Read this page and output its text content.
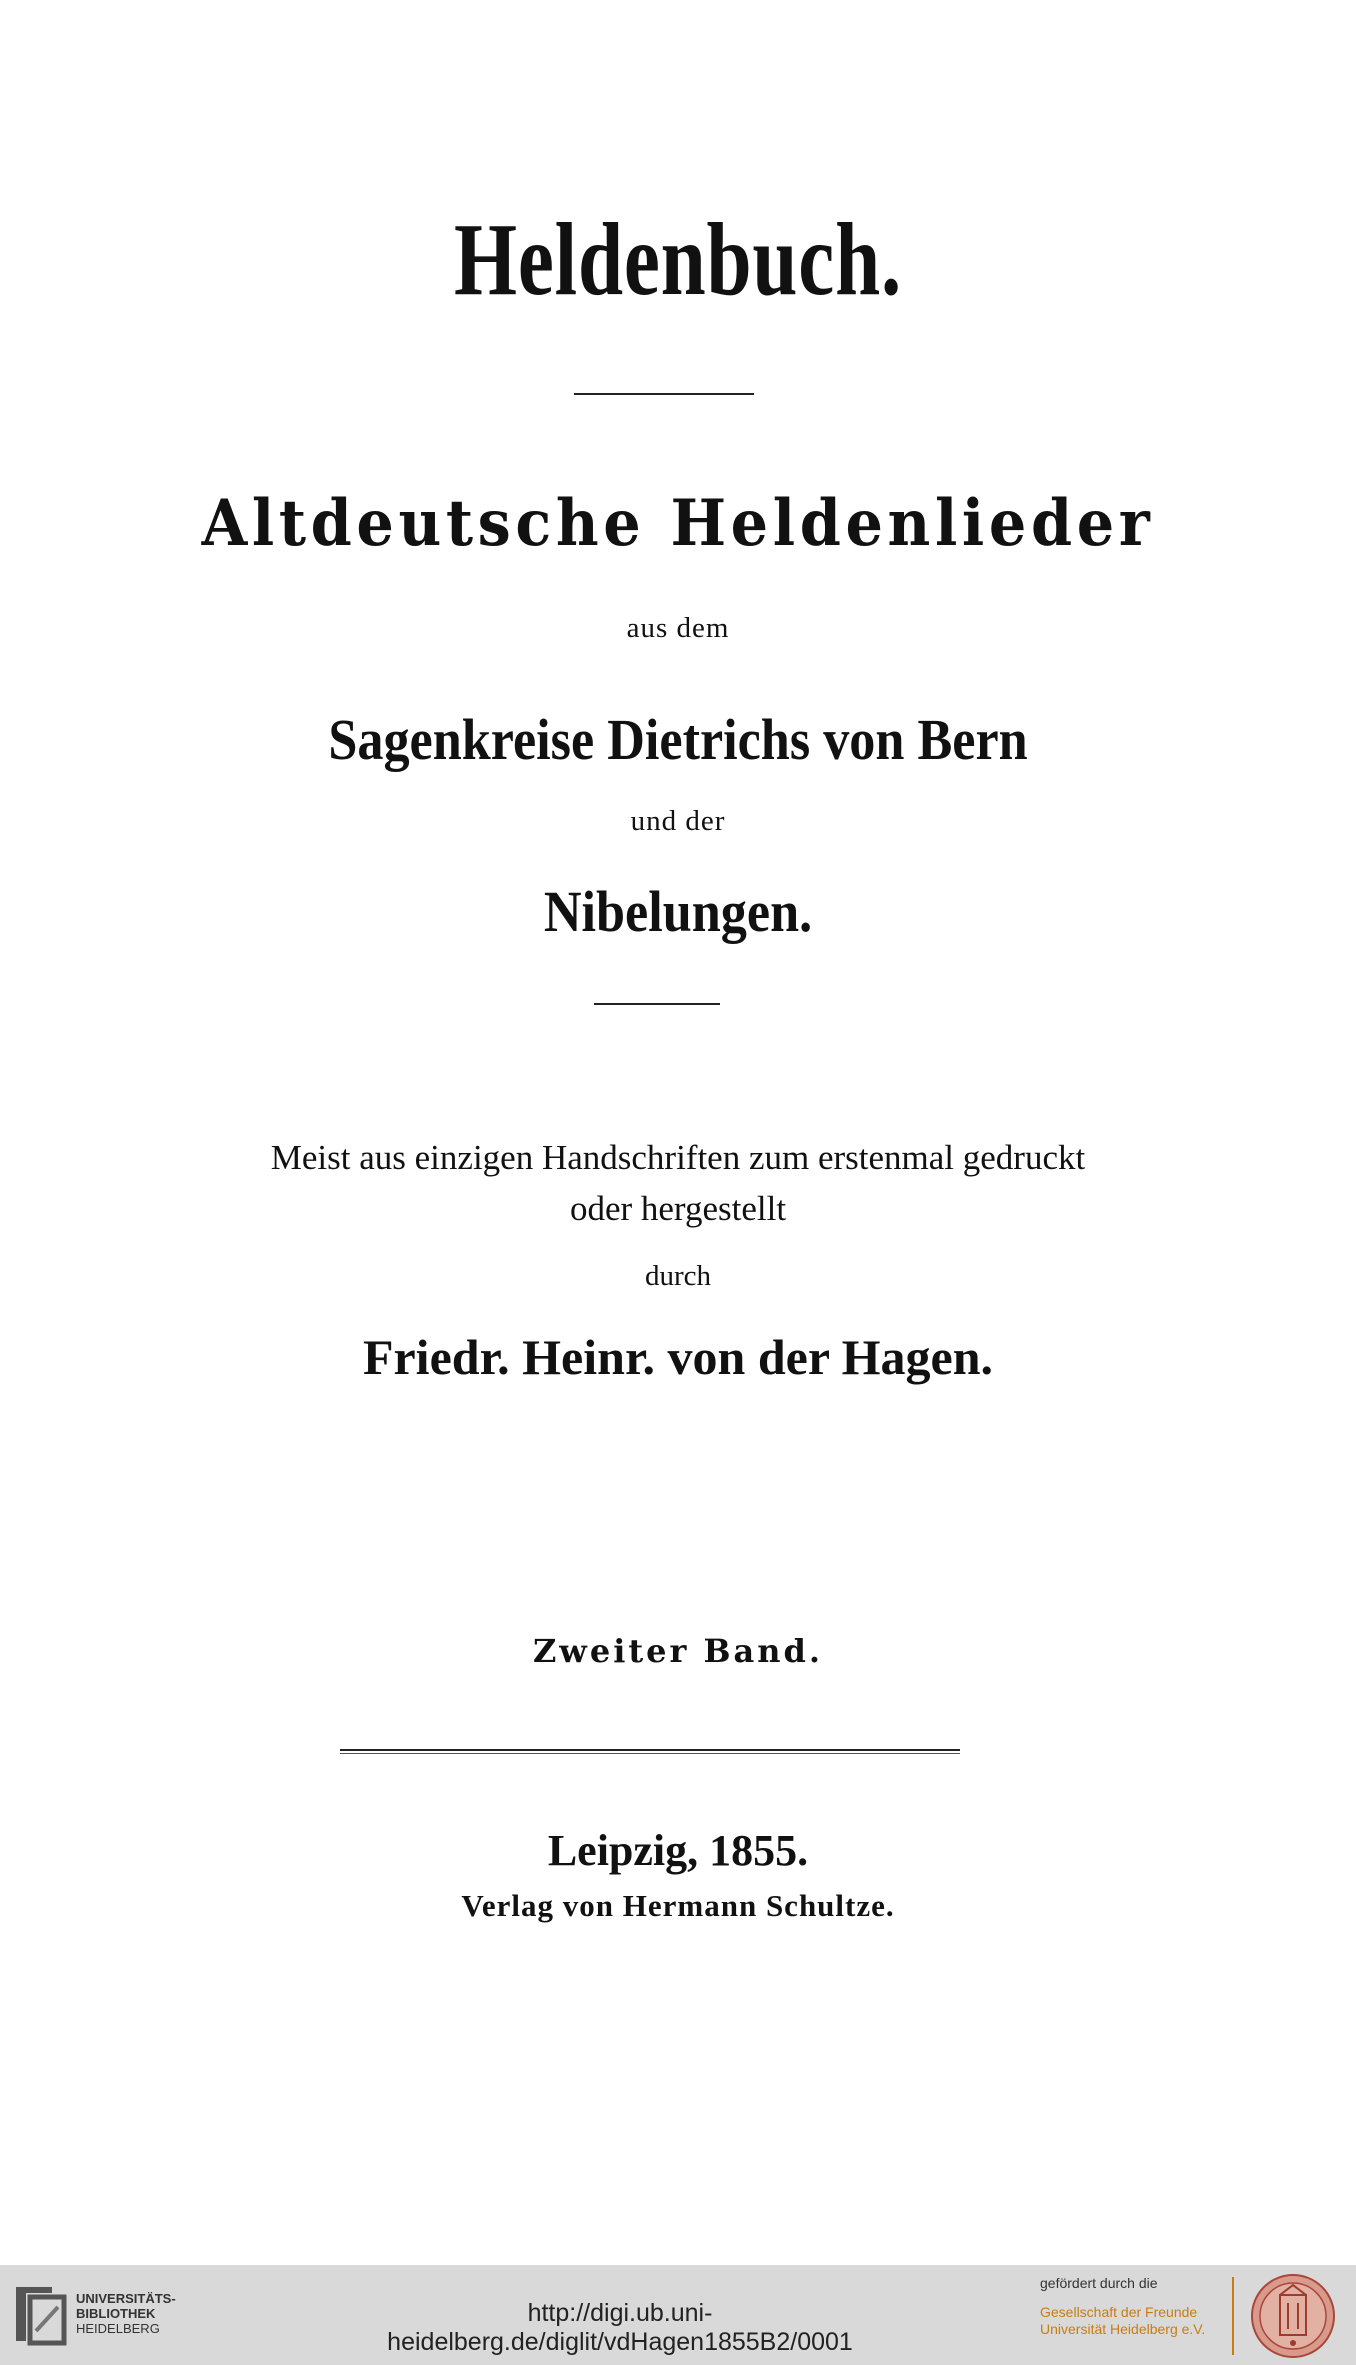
Heldenbuch.
Altdeutsche Heldenlieder
aus dem
Sagenkreise Dietrichs von Bern
und der
Nibelungen.
Meist aus einzigen Handschriften zum erstenmal gedruckt
oder hergestellt
durch
Friedr. Heinr. von der Hagen.
Zweiter Band.
Leipzig, 1855.
Verlag von Hermann Schultze.
UNIVERSITÄTS-
BIBLIOTHEK
HEIDELBERG
http://digi.ub.uni-heidelberg.de/diglit/vdHagen1855B2/0001
gefördert durch die
Gesellschaft der Freunde
Universität Heidelberg e.V.
